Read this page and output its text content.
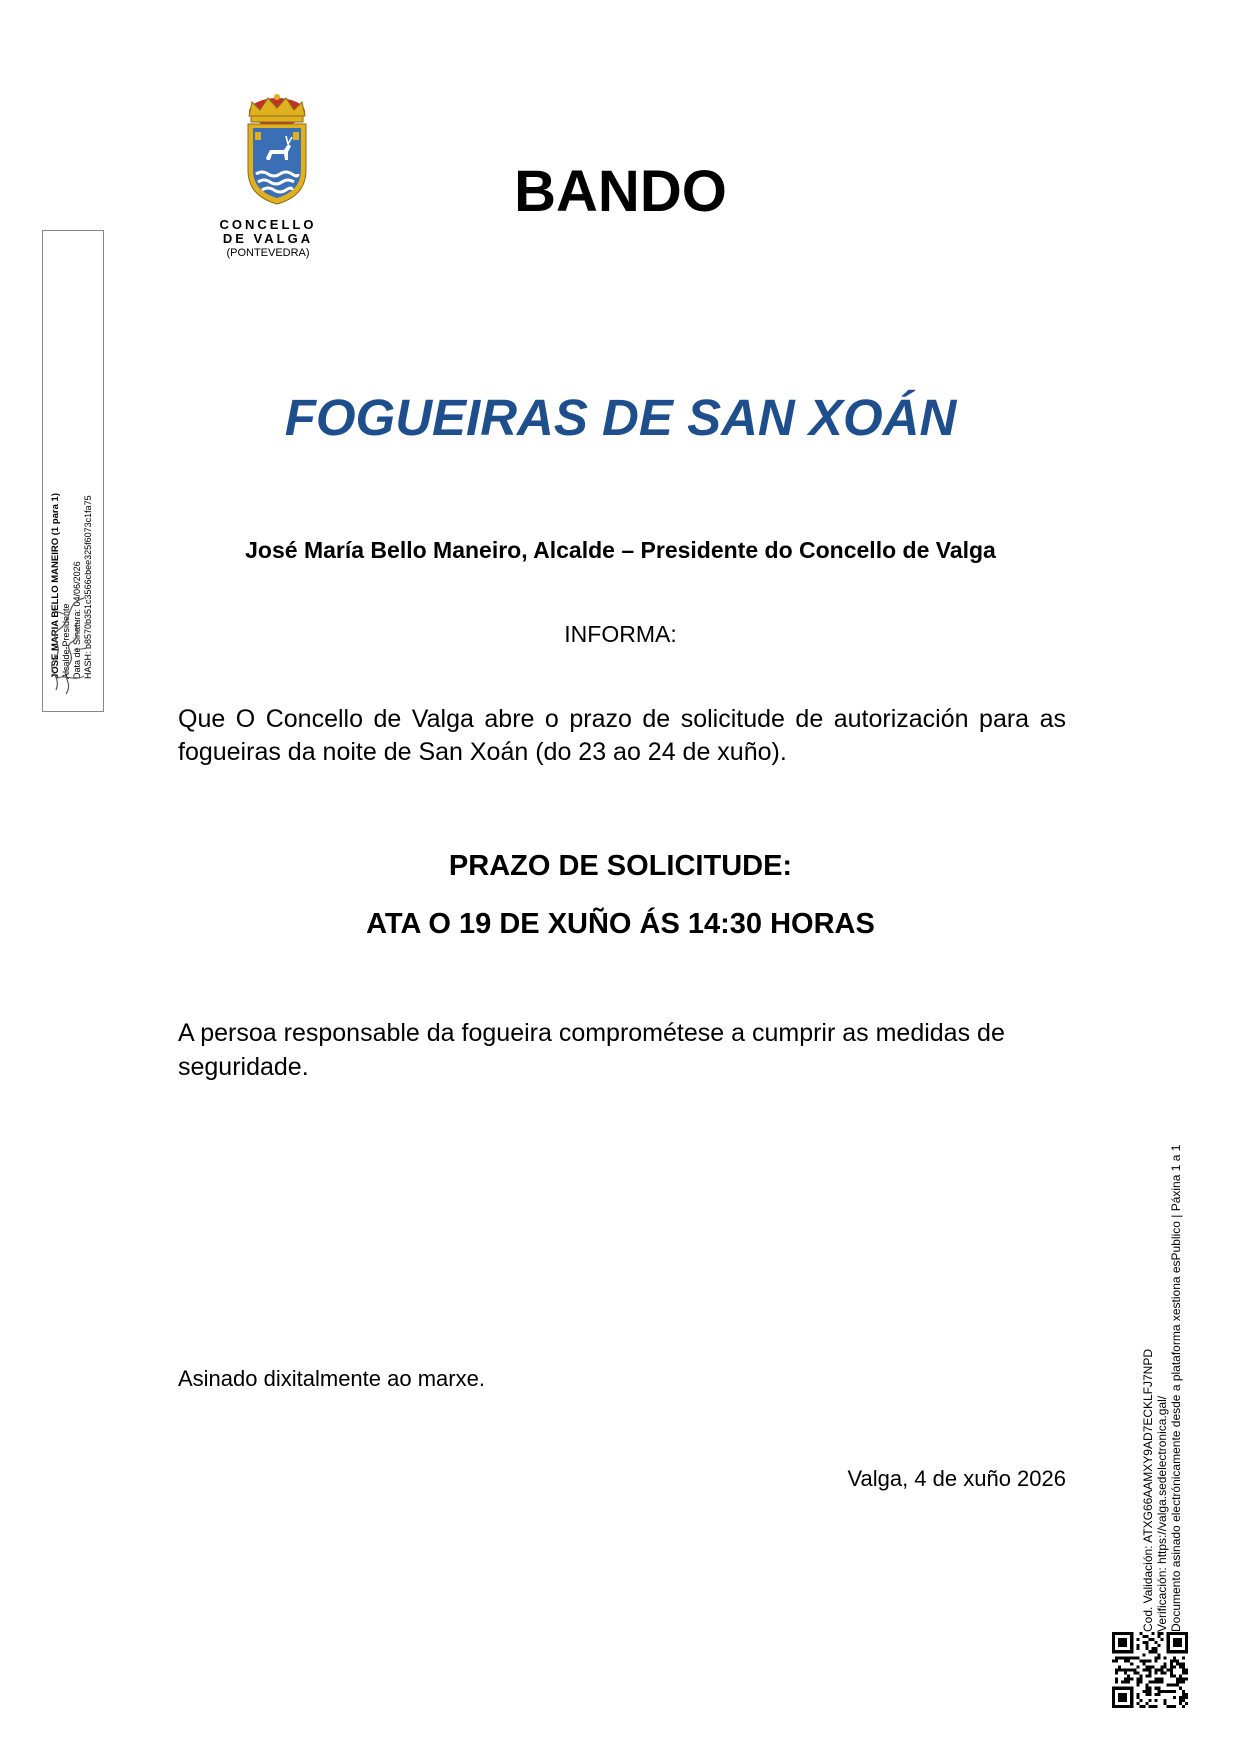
CONCELLO
DE VALGA
(PONTEVEDRA)
BANDO
FOGUEIRAS DE SAN XOÁN
José María Bello Maneiro, Alcalde – Presidente do Concello de Valga
INFORMA:
Que O Concello de Valga abre o prazo de solicitude de autorización para as
fogueiras da noite de San Xoán (do 23 ao 24 de xuño).
PRAZO DE SOLICITUDE:
ATA O 19 DE XUÑO ÁS 14:30 HORAS
A persoa responsable da fogueira comprométese a cumprir as medidas de seguridade.
Asinado dixitalmente ao marxe.
Valga, 4 de xuño 2026
JOSE MARIA BELLO MANEIRO (1 para 1)
Alcalde-Presidente
Data de Sinatura: 04/06/2026
HASH: b8570b351c3566cbee325f6073c1fa75
Cod. Validación: ATXG66AAMXY9AD7ECKLFJ7NPD
Verificación: https://valga.sedelectronica.gal/
Documento asinado electrónicamente desde a plataforma xestiona esPublico | Páxina 1 a 1
